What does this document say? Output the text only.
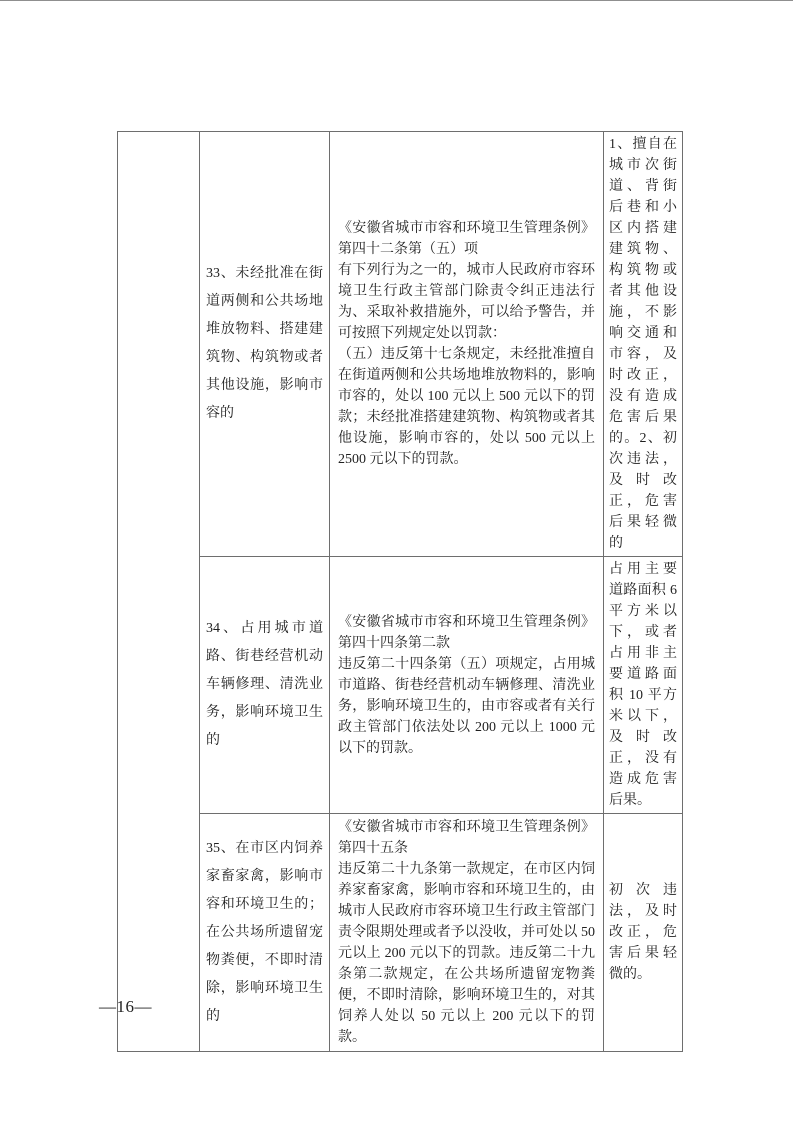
	33、未经批准在街道两侧和公共场地堆放物料、搭建建筑物、构筑物或者其他设施，影响市容的	《安徽省城市市容和环境卫生管理条例》第四十二条第（五）项

有下列行为之一的，城市人民政府市容环境卫生行政主管部门除责令纠正违法行为、采取补救措施外，可以给予警告，并可按照下列规定处以罚款：

（五）违反第十七条规定，未经批准擅自在街道两侧和公共场地堆放物料的，影响市容的，处以 100 元以上 500 元以下的罚款；未经批准搭建建筑物、构筑物或者其他设施，影响市容的，处以 500 元以上 2500 元以下的罚款。	1、擅自在城市次街道、背街后巷和小区内搭建建筑物、构筑物或者其他设施，不影响交通和市容，及时改正，没有造成危害后果的。2、初次违法，及时改正，危害后果轻微的

	34、占用城市道路、街巷经营机动车辆修理、清洗业务，影响环境卫生的	《安徽省城市市容和环境卫生管理条例》第四十四条第二款

违反第二十四条第（五）项规定，占用城市道路、街巷经营机动车辆修理、清洗业务，影响环境卫生的，由市容或者有关行政主管部门依法处以 200 元以上 1000 元以下的罚款。	占用主要道路面积 6 平方米以下，或者占用非主要道路面积 10 平方米以下，及时改正，没有造成危害后果。

	35、在市区内饲养家畜家禽，影响市容和环境卫生的；在公共场所遗留宠物粪便，不即时清除，影响环境卫生的	《安徽省城市市容和环境卫生管理条例》第四十五条

违反第二十九条第一款规定，在市区内饲养家畜家禽，影响市容和环境卫生的，由城市人民政府市容环境卫生行政主管部门责令限期处理或者予以没收，并可处以 50 元以上 200 元以下的罚款。违反第二十九条第二款规定，在公共场所遗留宠物粪便，不即时清除，影响环境卫生的，对其饲养人处以 50 元以上 200 元以下的罚款。	初次违法，及时改正，危害后果轻微的。

—16—
